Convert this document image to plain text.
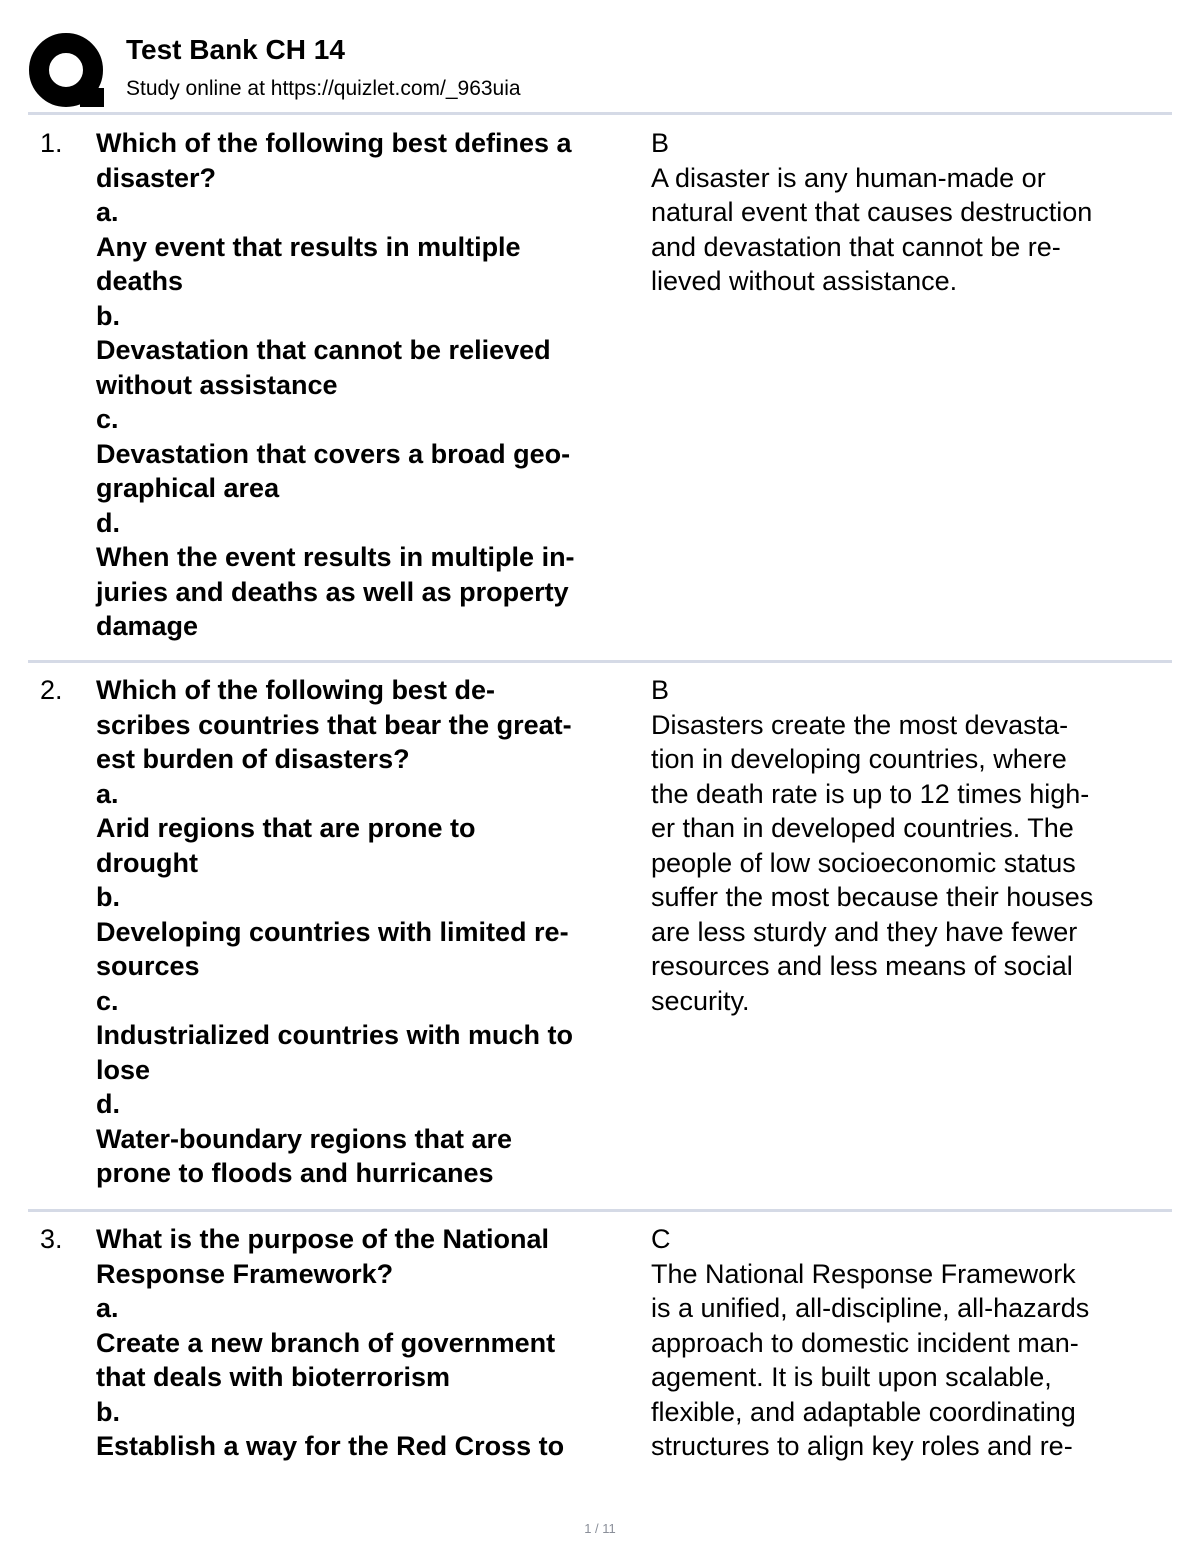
Test Bank CH 14
Study online at https://quizlet.com/_963uia
1. Which of the following best defines a
disaster?
a.
Any event that results in multiple
deaths
b.
Devastation that cannot be relieved
without assistance
c.
Devastation that covers a broad geo-
graphical area
d.
When the event results in multiple in-
juries and deaths as well as property
damage
B
A disaster is any human-made or
natural event that causes destruction
and devastation that cannot be re-
lieved without assistance.
2. Which of the following best de-
scribes countries that bear the great-
est burden of disasters?
a.
Arid regions that are prone to
drought
b.
Developing countries with limited re-
sources
c.
Industrialized countries with much to
lose
d.
Water-boundary regions that are
prone to floods and hurricanes
B
Disasters create the most devasta-
tion in developing countries, where
the death rate is up to 12 times high-
er than in developed countries. The
people of low socioeconomic status
suffer the most because their houses
are less sturdy and they have fewer
resources and less means of social
security.
3. What is the purpose of the National
Response Framework?
a.
Create a new branch of government
that deals with bioterrorism
b.
Establish a way for the Red Cross to
C
The National Response Framework
is a unified, all-discipline, all-hazards
approach to domestic incident man-
agement. It is built upon scalable,
flexible, and adaptable coordinating
structures to align key roles and re-
1 / 11
